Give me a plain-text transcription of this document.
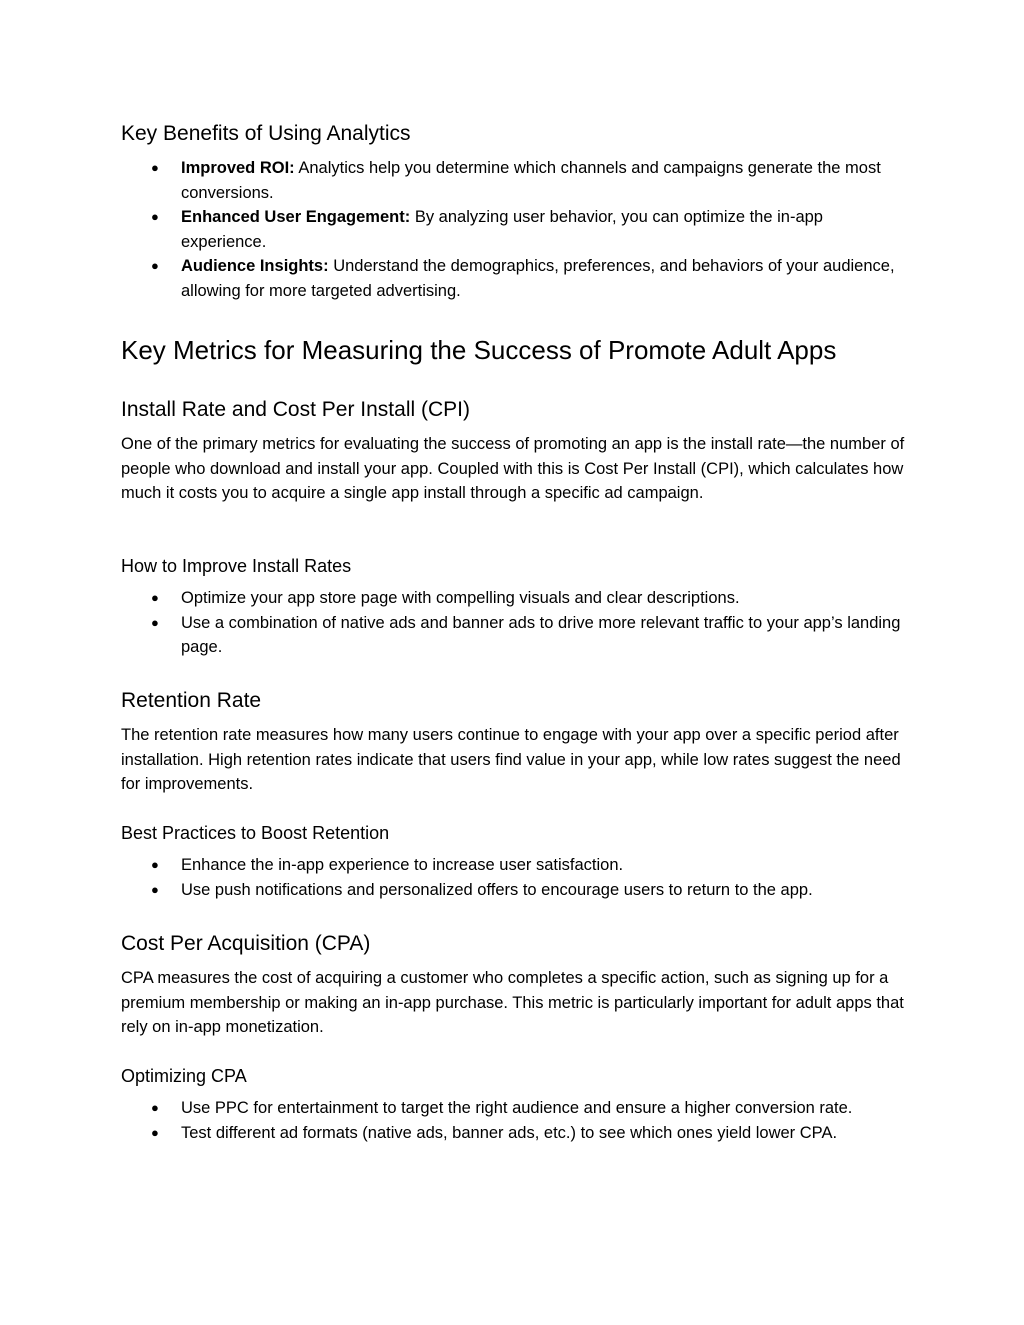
Key Benefits of Using Analytics
● Improved ROI: Analytics help you determine which channels and campaigns generate the most conversions.
● Enhanced User Engagement: By analyzing user behavior, you can optimize the in-app experience.
● Audience Insights: Understand the demographics, preferences, and behaviors of your audience, allowing for more targeted advertising.
Key Metrics for Measuring the Success of Promote Adult Apps
Install Rate and Cost Per Install (CPI)

One of the primary metrics for evaluating the success of promoting an app is the install rate—the number of people who download and install your app. Coupled with this is Cost Per Install (CPI), which calculates how much it costs you to acquire a single app install through a specific ad campaign.

How to Improve Install Rates
● Optimize your app store page with compelling visuals and clear descriptions.
● Use a combination of native ads and banner ads to drive more relevant traffic to your app’s landing page.
Retention Rate

The retention rate measures how many users continue to engage with your app over a specific period after installation. High retention rates indicate that users find value in your app, while low rates suggest the need for improvements.

Best Practices to Boost Retention
● Enhance the in-app experience to increase user satisfaction.
● Use push notifications and personalized offers to encourage users to return to the app.
Cost Per Acquisition (CPA)

CPA measures the cost of acquiring a customer who completes a specific action, such as signing up for a premium membership or making an in-app purchase. This metric is particularly important for adult apps that rely on in-app monetization.

Optimizing CPA
● Use PPC for entertainment to target the right audience and ensure a higher conversion rate.
● Test different ad formats (native ads, banner ads, etc.) to see which ones yield lower CPA.
